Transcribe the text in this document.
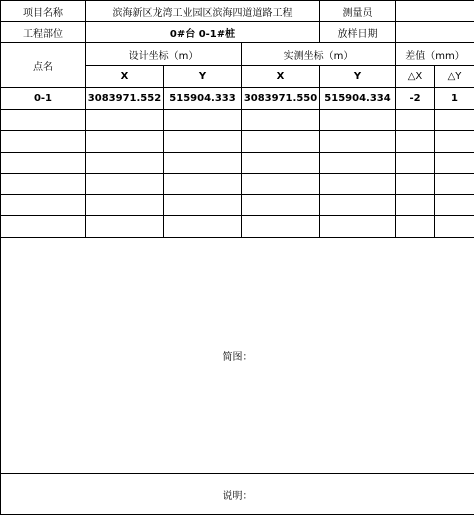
项目名称	滨海新区龙湾工业园区滨海四道道路工程			测量员		
工程部位	0#台 0-1#桩			放样日期		
点名	设计坐标（m）		实测坐标（m）		差值（mm）	
	X	Y	X	Y	△X	△Y
0-1	3083971.552	515904.333	3083971.550	515904.334	-2	1

简图：						
说明：						
